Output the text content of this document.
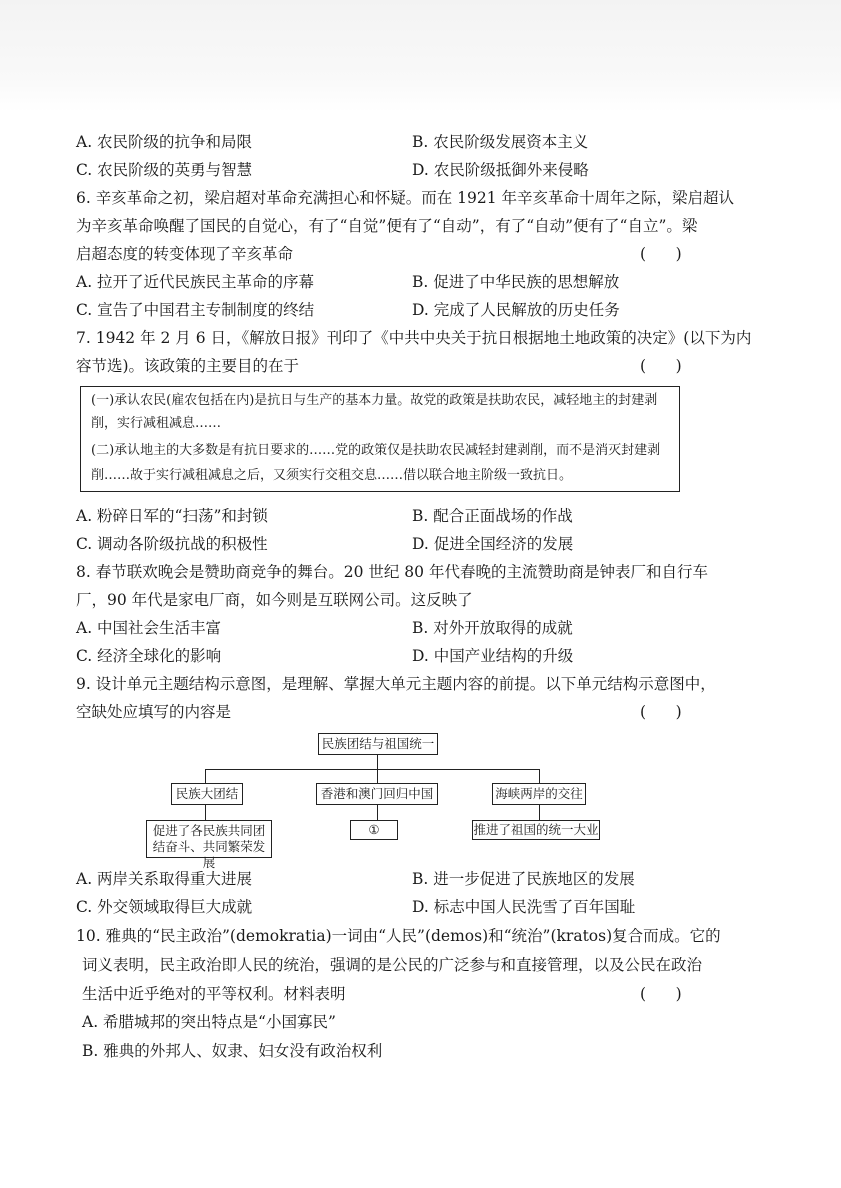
A. 农民阶级的抗争和局限	B. 农民阶级发展资本主义
C. 农民阶级的英勇与智慧	D. 农民阶级抵御外来侵略
6. 辛亥革命之初，梁启超对革命充满担心和怀疑。而在 1921 年辛亥革命十周年之际，梁启超认
为辛亥革命唤醒了国民的自觉心，有了“自觉”便有了“自动”，有了“自动”便有了“自立”。梁
启超态度的转变体现了辛亥革命	(      )
A. 拉开了近代民族民主革命的序幕	B. 促进了中华民族的思想解放
C. 宣告了中国君主专制制度的终结	D. 完成了人民解放的历史任务
7. 1942 年 2 月 6 日，《解放日报》刊印了《中共中央关于抗日根据地土地政策的决定》(以下为内
容节选)。该政策的主要目的在于	(      )
(一)承认农民(雇农包括在内)是抗日与生产的基本力量。故党的政策是扶助农民，减轻地主的封建剥
削，实行减租减息……
(二)承认地主的大多数是有抗日要求的……党的政策仅是扶助农民减轻封建剥削，而不是消灭封建剥
削……故于实行减租减息之后，又须实行交租交息……借以联合地主阶级一致抗日。
A. 粉碎日军的“扫荡”和封锁	B. 配合正面战场的作战
C. 调动各阶级抗战的积极性	D. 促进全国经济的发展
8. 春节联欢晚会是赞助商竞争的舞台。20 世纪 80 年代春晚的主流赞助商是钟表厂和自行车
厂，90 年代是家电厂商，如今则是互联网公司。这反映了
A. 中国社会生活丰富	B. 对外开放取得的成就
C. 经济全球化的影响	D. 中国产业结构的升级
9. 设计单元主题结构示意图，是理解、掌握大单元主题内容的前提。以下单元结构示意图中，
空缺处应填写的内容是	(      )
民族团结与祖国统一
民族大团结	香港和澳门回归中国	海峡两岸的交往
促进了各民族共同团
结奋斗、共同繁荣发展
①	推进了祖国的统一大业
A. 两岸关系取得重大进展	B. 进一步促进了民族地区的发展
C. 外交领域取得巨大成就	D. 标志中国人民洗雪了百年国耻
10. 雅典的“民主政治”(demokratia)一词由“人民”(demos)和“统治”(kratos)复合而成。它的
词义表明，民主政治即人民的统治，强调的是公民的广泛参与和直接管理，以及公民在政治
生活中近乎绝对的平等权利。材料表明	(      )
A. 希腊城邦的突出特点是“小国寡民”
B. 雅典的外邦人、奴隶、妇女没有政治权利
